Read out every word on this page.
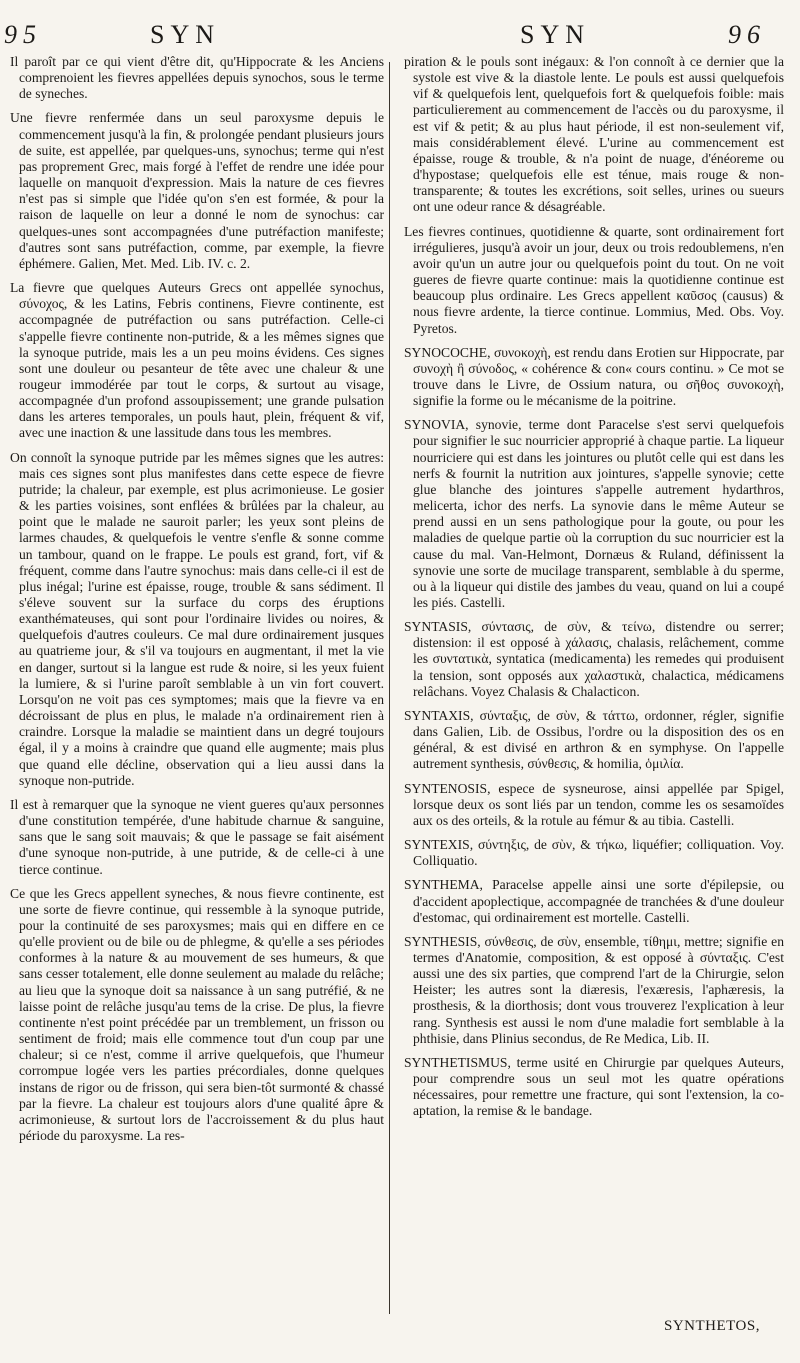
95	SYN	SYN	96

Il paroît par ce qui vient d'être dit, qu'Hippocrate & les Anciens comprenoient les fievres appellées depuis synochos, sous le terme de syneches.

Une fievre renfermée dans un seul paroxysme depuis le commencement jusqu'à la fin, & prolongée pendant plusieurs jours de suite, est appellée, par quelques-uns, synochus; terme qui n'est pas proprement Grec, mais forgé à l'effet de rendre une idée pour laquelle on manquoit d'expression. Mais la nature de ces fievres n'est pas si simple que l'idée qu'on s'en est formée, & pour la raison de laquelle on leur a donné le nom de synochus: car quelques-unes sont accompagnées d'une putréfaction manifeste; d'autres sont sans putréfaction, comme, par exemple, la fievre éphémere. Galien, Met. Med. Lib. IV. c. 2.

La fievre que quelques Auteurs Grecs ont appellée synochus, σύνοχος, & les Latins, Febris continens, Fievre continente, est accompagnée de putréfaction ou sans putréfaction. Celle-ci s'appelle fievre continente non-putride, & a les mêmes signes que la synoque putride, mais les a un peu moins évidens. Ces signes sont une douleur ou pesanteur de tête avec une chaleur & une rougeur immodérée par tout le corps, & surtout au visage, accompagnée d'un profond assoupissement; une grande pulsation dans les arteres temporales, un pouls haut, plein, fréquent & vif, avec une inaction & une lassitude dans tous les membres.

On connoît la synoque putride par les mêmes signes que les autres: mais ces signes sont plus manifestes dans cette espece de fievre putride; la chaleur, par exemple, est plus acrimonieuse. Le gosier & les parties voisines, sont enflées & brûlées par la chaleur, au point que le malade ne sauroit parler; les yeux sont pleins de larmes chaudes, & quelquefois le ventre s'enfle & sonne comme un tambour, quand on le frappe. Le pouls est grand, fort, vif & fréquent, comme dans l'autre synochus: mais dans celle-ci il est de plus inégal; l'urine est épaisse, rouge, trouble & sans sédiment. Il s'éleve souvent sur la surface du corps des éruptions exanthémateuses, qui sont pour l'ordinaire livides ou noires, & quelquefois d'autres couleurs. Ce mal dure ordinairement jusques au quatrieme jour, & s'il va toujours en augmentant, il met la vie en danger, surtout si la langue est rude & noire, si les yeux fuient la lumiere, & si l'urine paroît semblable à un vin fort couvert. Lorsqu'on ne voit pas ces symptomes; mais que la fievre va en décroissant de plus en plus, le malade n'a ordinairement rien à craindre. Lorsque la maladie se maintient dans un degré toujours égal, il y a moins à craindre que quand elle augmente; mais plus que quand elle décline, observation qui a lieu aussi dans la synoque non-putride.

Il est à remarquer que la synoque ne vient gueres qu'aux personnes d'une constitution tempérée, d'une habitude charnue & sanguine, sans que le sang soit mauvais; & que le passage se fait aisément d'une synoque non-putride, à une putride, & de celle-ci à une tierce continue.

Ce que les Grecs appellent syneches, & nous fievre continente, est une sorte de fievre continue, qui ressemble à la synoque putride, pour la continuité de ses paroxysmes; mais qui en differe en ce qu'elle provient ou de bile ou de phlegme, & qu'elle a ses périodes conformes à la nature & au mouvement de ses humeurs, & que sans cesser totalement, elle donne seulement au malade du relâche; au lieu que la synoque doit sa naissance à un sang putréfié, & ne laisse point de relâche jusqu'au tems de la crise. De plus, la fievre continente n'est point précédée par un tremblement, un frisson ou sentiment de froid; mais elle commence tout d'un coup par une chaleur; si ce n'est, comme il arrive quelquefois, que l'humeur corrompue logée vers les parties précordiales, donne quelques instans de rigor ou de frisson, qui sera bien-tôt surmonté & chassé par la fievre. La chaleur est toujours alors d'une qualité âpre & acrimonieuse, & surtout lors de l'accroissement & du plus haut période du paroxysme. La res-

piration & le pouls sont inégaux: & l'on connoît à ce dernier que la systole est vive & la diastole lente. Le pouls est aussi quelquefois vif & quelquefois lent, quelquefois fort & quelquefois foible: mais particulierement au commencement de l'accès ou du paroxysme, il est vif & petit; & au plus haut période, il est non-seulement vif, mais considérablement élevé. L'urine au commencement est épaisse, rouge & trouble, & n'a point de nuage, d'énéoreme ou d'hypostase; quelquefois elle est ténue, mais rouge & non-transparente; & toutes les excrétions, soit selles, urines ou sueurs ont une odeur rance & désagréable.

Les fievres continues, quotidienne & quarte, sont ordinairement fort irrégulieres, jusqu'à avoir un jour, deux ou trois redoublemens, n'en avoir qu'un un autre jour ou quelquefois point du tout. On ne voit gueres de fievre quarte continue: mais la quotidienne continue est beaucoup plus ordinaire. Les Grecs appellent καῦσος (causus) & nous fievre ardente, la tierce continue. Lommius, Med. Obs. Voy. Pyretos.

SYNOCOCHE, συνοκοχὴ, est rendu dans Erotien sur Hippocrate, par συνοχὴ ἢ σύνοδος, « cohérence & con« cours continu. » Ce mot se trouve dans le Livre, de Ossium natura, ou σῆθος συνοκοχὴ, signifie la forme ou le mécanisme de la poitrine.

SYNOVIA, synovie, terme dont Paracelse s'est servi quelquefois pour signifier le suc nourricier approprié à chaque partie. La liqueur nourriciere qui est dans les jointures ou plutôt celle qui est dans les nerfs & fournit la nutrition aux jointures, s'appelle synovie; cette glue blanche des jointures s'appelle autrement hydarthros, melicerta, ichor des nerfs. La synovie dans le même Auteur se prend aussi en un sens pathologique pour la goute, ou pour les maladies de quelque partie où la corruption du suc nourricier est la cause du mal. Van-Helmont, Dornæus & Ruland, définissent la synovie une sorte de mucilage transparent, semblable à du sperme, ou à la liqueur qui distile des jambes du veau, quand on lui a coupé les piés. Castelli.

SYNTASIS, σύντασις, de σὺν, & τείνω, distendre ou serrer; distension: il est opposé à χάλασις, chalasis, relâchement, comme les συντατικὰ, syntatica (medicamenta) les remedes qui produisent la tension, sont opposés aux χαλαστικὰ, chalactica, médicamens relâchans. Voyez Chalasis & Chalacticon.

SYNTAXIS, σύνταξις, de σὺν, & τάττω, ordonner, régler, signifie dans Galien, Lib. de Ossibus, l'ordre ou la disposition des os en général, & est divisé en arthron & en symphyse. On l'appelle autrement synthesis, σύνθεσις, & homilia, ὁμιλία.

SYNTENOSIS, espece de sysneurose, ainsi appellée par Spigel, lorsque deux os sont liés par un tendon, comme les os sesamoïdes aux os des orteils, & la rotule au fémur & au tibia. Castelli.

SYNTEXIS, σύντηξις, de σὺν, & τήκω, liquéfier; colliquation. Voy. Colliquatio.

SYNTHEMA, Paracelse appelle ainsi une sorte d'épilepsie, ou d'accident apoplectique, accompagnée de tranchées & d'une douleur d'estomac, qui ordinairement est mortelle. Castelli.

SYNTHESIS, σύνθεσις, de σὺν, ensemble, τίθημι, mettre; signifie en termes d'Anatomie, composition, & est opposé à σύνταξις. C'est aussi une des six parties, que comprend l'art de la Chirurgie, selon Heister; les autres sont la diæresis, l'exæresis, l'aphæresis, la prosthesis, & la diorthosis; dont vous trouverez l'explication à leur rang. Synthesis est aussi le nom d'une maladie fort semblable à la phthisie, dans Plinius secondus, de Re Medica, Lib. II.

SYNTHETISMUS, terme usité en Chirurgie par quelques Auteurs, pour comprendre sous un seul mot les quatre opérations nécessaires, pour remettre une fracture, qui sont l'extension, la co-aptation, la remise & le bandage.

SYNTHETOS,
